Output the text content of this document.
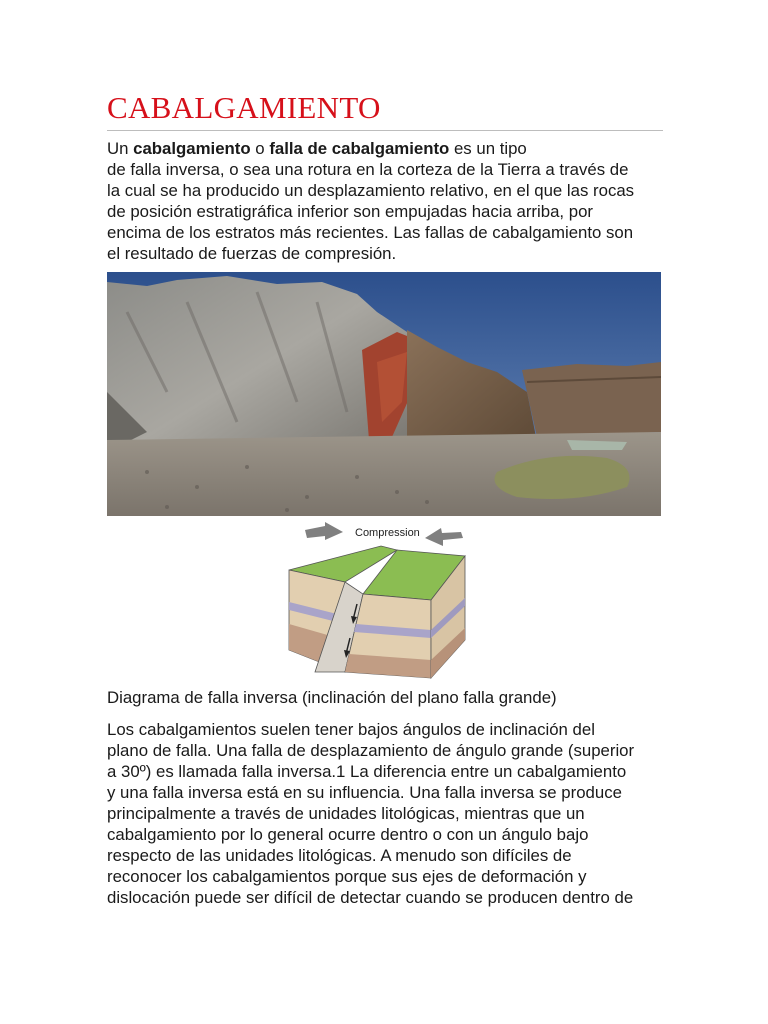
CABALGAMIENTO
Un cabalgamiento o falla de cabalgamiento es un tipo
de falla inversa, o sea una rotura en la corteza de la Tierra a través de
la cual se ha producido un desplazamiento relativo, en el que las rocas
de posición estratigráfica inferior son empujadas hacia arriba, por
encima de los estratos más recientes. Las fallas de cabalgamiento son
el resultado de fuerzas de compresión.
Compression
Diagrama de falla inversa (inclinación del plano falla grande)
Los cabalgamientos suelen tener bajos ángulos de inclinación del
plano de falla. Una falla de desplazamiento de ángulo grande (superior
a 30º) es llamada falla inversa.1 La diferencia entre un cabalgamiento
y una falla inversa está en su influencia. Una falla inversa se produce
principalmente a través de unidades litológicas, mientras que un
cabalgamiento por lo general ocurre dentro o con un ángulo bajo
respecto de las unidades litológicas. A menudo son difíciles de
reconocer los cabalgamientos porque sus ejes de deformación y
dislocación puede ser difícil de detectar cuando se producen dentro de
